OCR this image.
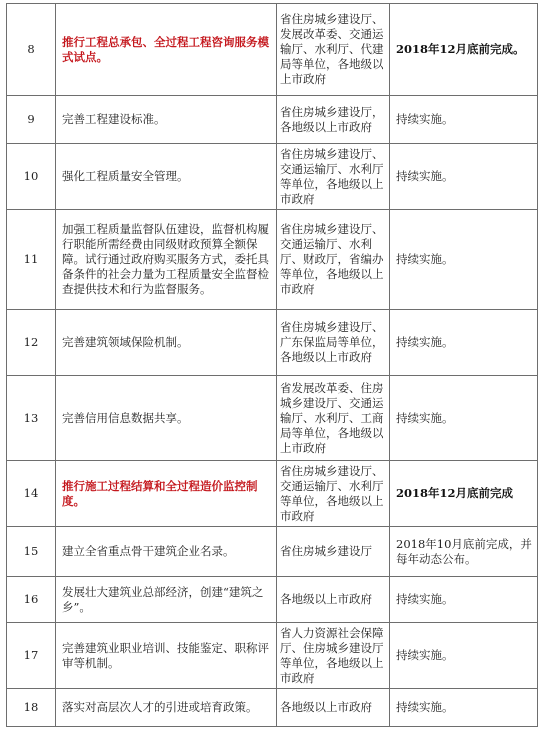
8	推行工程总承包、全过程工程咨询服务模式试点。	省住房城乡建设厅、发展改革委、交通运输厅、水利厅、代建局等单位，各地级以上市政府	2018年12月底前完成。
9	完善工程建设标准。	省住房城乡建设厅，各地级以上市政府	持续实施。
10	强化工程质量安全管理。	省住房城乡建设厅、交通运输厅、水利厅等单位，各地级以上市政府	持续实施。
11	加强工程质量监督队伍建设，监督机构履行职能所需经费由同级财政预算全额保障。试行通过政府购买服务方式，委托具备条件的社会力量为工程质量安全监督检查提供技术和行为监督服务。	省住房城乡建设厅、交通运输厅、水利厅、财政厅，省编办等单位，各地级以上市政府	持续实施。
12	完善建筑领域保险机制。	省住房城乡建设厅、广东保监局等单位，各地级以上市政府	持续实施。
13	完善信用信息数据共享。	省发展改革委、住房城乡建设厅、交通运输厅、水利厅、工商局等单位，各地级以上市政府	持续实施。
14	推行施工过程结算和全过程造价监控制度。	省住房城乡建设厅、交通运输厅、水利厅等单位，各地级以上市政府	2018年12月底前完成
15	建立全省重点骨干建筑企业名录。	省住房城乡建设厅	2018年10月底前完成，并每年动态公布。
16	发展壮大建筑业总部经济，创建“建筑之乡”。	各地级以上市政府	持续实施。
17	完善建筑业职业培训、技能鉴定、职称评审等机制。	省人力资源社会保障厅、住房城乡建设厅等单位，各地级以上市政府	持续实施。
18	落实对高层次人才的引进或培育政策。	各地级以上市政府	持续实施。
